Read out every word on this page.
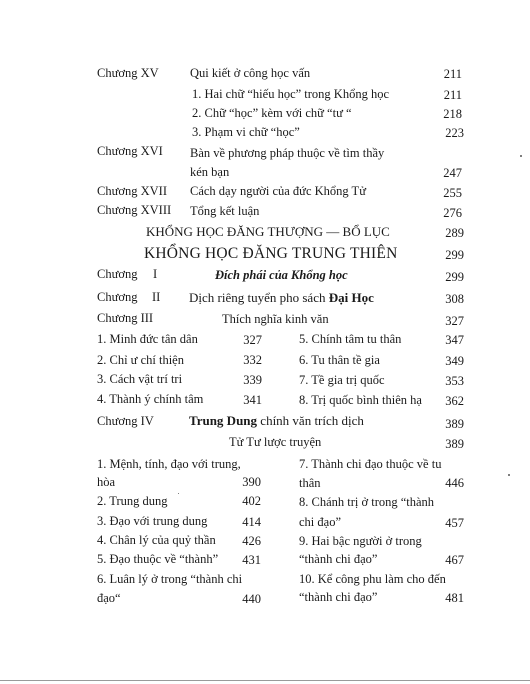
Chương XV	Qui kiết ở công học vấn	211
1. Hai chữ “hiếu học” trong Khổng học	211
2. Chữ “học” kèm với chữ “tư “	218
3. Phạm vi chữ “học”	223
Chương XVI Bàn về phương pháp thuộc về tìm thầy
kén bạn	247
Chương XVII Cách dạy người của đức Khổng Tử	255
Chương XVIII Tổng kết luận	276
KHỔNG HỌC ĐĂNG THƯỢNG — BỔ LỤC	289
KHỔNG HỌC ĐĂNG TRUNG THIÊN	299
Chương I	Đích phái của Khổng học	299
Chương II Dịch riêng tuyển pho sách Đại Học	308
Chương III	Thích nghĩa kinh văn	327
1. Minh đức tân dân	327	5. Chính tâm tu thân	347
2. Chỉ ư chí thiện	332	6. Tu thân tề gia	349
3. Cách vật trí tri	339	7. Tề gia trị quốc	353
4. Thành ý chính tâm	341	8. Trị quốc bình thiên hạ	362
Chương IV	Trung Dung chính văn trích dịch	389
Tử Tư lược truyện	389
1. Mệnh, tính, đạo với trung,
hòa	390
7. Thành chi đạo thuộc về tu
thân	446
2. Trung dung	402	8. Chánh trị ở trong “thành
chi đạo”	457
3. Đạo với trung dung	414
4. Chân lý của quỷ thần	426	9. Hai bậc người ở trong
“thành chi đạo”	467
5. Đạo thuộc về “thành”	431
6. Luân lý ở trong “thành chi
đạo“	440
10. Kể công phu làm cho đến
“thành chi đạo”	481
